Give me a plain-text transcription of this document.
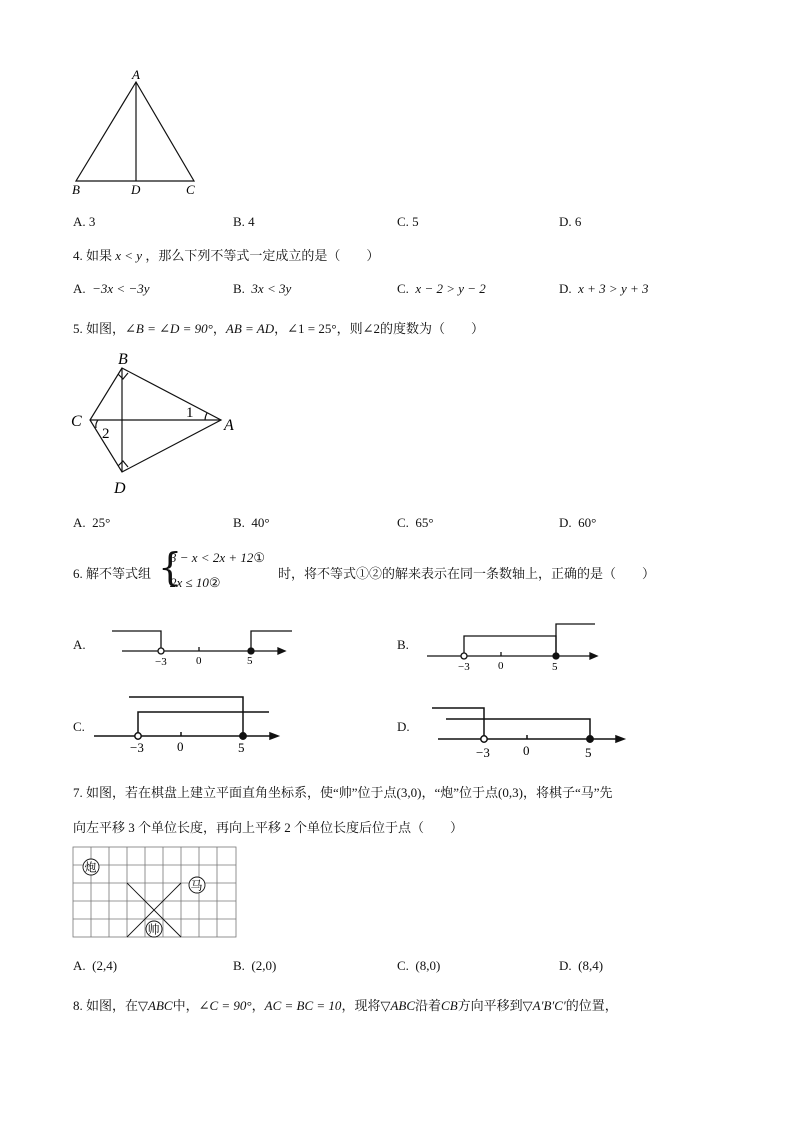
A
B	D	C
A. 3	B. 4	C. 5	D. 6
4. 如果 x < y ，那么下列不等式一定成立的是（　　）
A. −3x < −3y	B. 3x < 3y	C. x − 2 > y − 2	D. x + 3 > y + 3
5. 如图，∠B = ∠D = 90°，AB = AD，∠1 = 25°，则∠2的度数为（　　）
B
C	A
D
1
2
A. 25°	B. 40°	C. 65°	D. 60°
6. 解不等式组 {
3 − x < 2x + 12①
2x ≤ 10②
时，将不等式①②的解来表示在同一条数轴上，正确的是（　　）
A.
−3	0	5
B.
−3	0	5
C.
−3	0	5
D.
−3	0	5
7. 如图，若在棋盘上建立平面直角坐标系，使“帅”位于点(3,0)，“炮”位于点(0,3)，将棋子“马”先
向左平移 3 个单位长度，再向上平移 2 个单位长度后位于点（　　）
炮
马
帅
A. (2,4)	B. (2,0)	C. (8,0)	D. (8,4)
8. 如图，在▽ABC中，∠C = 90°，AC = BC = 10，现将▽ABC沿着CB方向平移到▽A′B′C′的位置，
